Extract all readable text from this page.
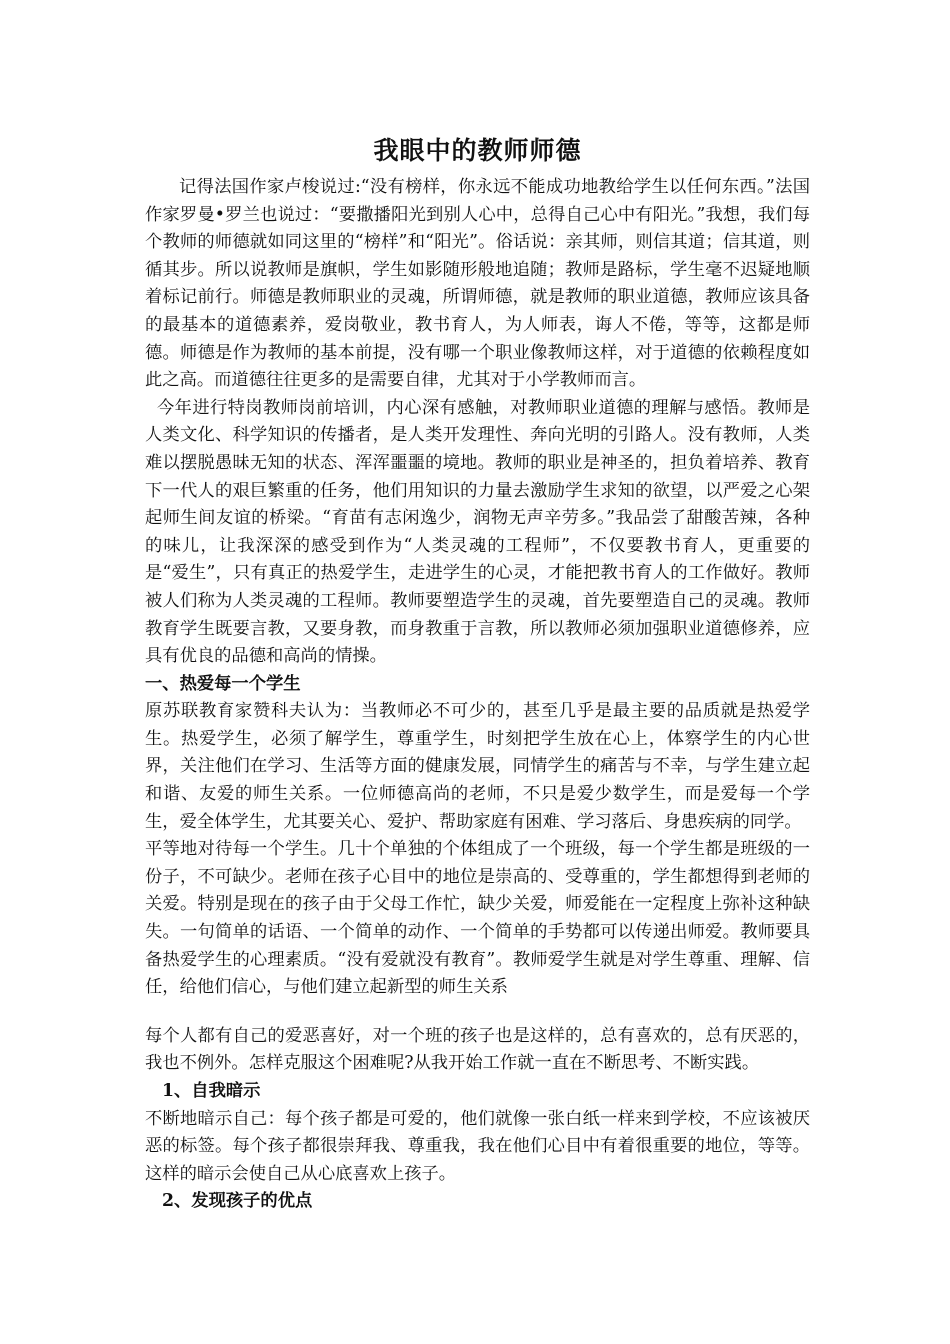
我眼中的教师师德

记得法国作家卢梭说过:“没有榜样，你永远不能成功地教给学生以任何东西。”法国作家罗曼•罗兰也说过：“要撒播阳光到别人心中，总得自己心中有阳光。”我想，我们每个教师的师德就如同这里的“榜样”和“阳光”。俗话说：亲其师，则信其道；信其道，则循其步。所以说教师是旗帜，学生如影随形般地追随；教师是路标，学生毫不迟疑地顺着标记前行。师德是教师职业的灵魂，所谓师德，就是教师的职业道德，教师应该具备的最基本的道德素养，爱岗敬业，教书育人，为人师表，诲人不倦，等等，这都是师德。师德是作为教师的基本前提，没有哪一个职业像教师这样，对于道德的依赖程度如此之高。而道德往往更多的是需要自律，尤其对于小学教师而言。

今年进行特岗教师岗前培训，内心深有感触，对教师职业道德的理解与感悟。教师是人类文化、科学知识的传播者，是人类开发理性、奔向光明的引路人。没有教师，人类难以摆脱愚昧无知的状态、浑浑噩噩的境地。教师的职业是神圣的，担负着培养、教育下一代人的艰巨繁重的任务，他们用知识的力量去激励学生求知的欲望，以严爱之心架起师生间友谊的桥梁。“育苗有志闲逸少，润物无声辛劳多。”我品尝了甜酸苦辣，各种的味儿，让我深深的感受到作为“人类灵魂的工程师”，不仅要教书育人，更重要的是“爱生”，只有真正的热爱学生，走进学生的心灵，才能把教书育人的工作做好。教师被人们称为人类灵魂的工程师。教师要塑造学生的灵魂，首先要塑造自己的灵魂。教师教育学生既要言教，又要身教，而身教重于言教，所以教师必须加强职业道德修养，应具有优良的品德和高尚的情操。

一、热爱每一个学生

原苏联教育家赞科夫认为：当教师必不可少的，甚至几乎是最主要的品质就是热爱学生。热爱学生，必须了解学生，尊重学生，时刻把学生放在心上，体察学生的内心世界，关注他们在学习、生活等方面的健康发展，同情学生的痛苦与不幸，与学生建立起和谐、友爱的师生关系。一位师德高尚的老师，不只是爱少数学生，而是爱每一个学生，爱全体学生，尤其要关心、爱护、帮助家庭有困难、学习落后、身患疾病的同学。

平等地对待每一个学生。几十个单独的个体组成了一个班级，每一个学生都是班级的一份子，不可缺少。老师在孩子心目中的地位是崇高的、受尊重的，学生都想得到老师的关爱。特别是现在的孩子由于父母工作忙，缺少关爱，师爱能在一定程度上弥补这种缺失。一句简单的话语、一个简单的动作、一个简单的手势都可以传递出师爱。教师要具备热爱学生的心理素质。“没有爱就没有教育”。教师爱学生就是对学生尊重、理解、信任，给他们信心，与他们建立起新型的师生关系

每个人都有自己的爱恶喜好，对一个班的孩子也是这样的，总有喜欢的，总有厌恶的，我也不例外。怎样克服这个困难呢?从我开始工作就一直在不断思考、不断实践。

1、自我暗示

不断地暗示自己：每个孩子都是可爱的，他们就像一张白纸一样来到学校，不应该被厌恶的标签。每个孩子都很崇拜我、尊重我，我在他们心目中有着很重要的地位，等等。这样的暗示会使自己从心底喜欢上孩子。

2、发现孩子的优点
